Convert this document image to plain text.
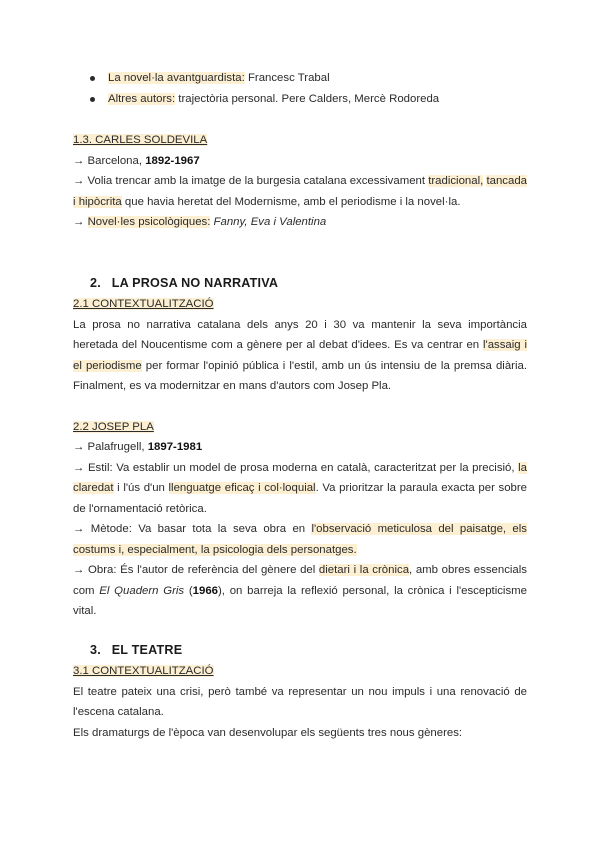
La novel·la avantguardista: Francesc Trabal
Altres autors: trajectòria personal. Pere Calders, Mercè Rodoreda

1.3. CARLES SOLDEVILA

→ Barcelona, 1892-1967

→ Volia trencar amb la imatge de la burgesia catalana excessivament tradicional, tancada i hipòcrita que havia heretat del Modernisme, amb el periodisme i la novel·la.

→ Novel·les psicològiques: Fanny, Eva i Valentina

2. LA PROSA NO NARRATIVA

2.1 CONTEXTUALITZACIÓ

La prosa no narrativa catalana dels anys 20 i 30 va mantenir la seva importància heretada del Noucentisme com a gènere per al debat d'idees. Es va centrar en l'assaig i el periodisme per formar l'opinió pública i l'estil, amb un ús intensiu de la premsa diària. Finalment, es va modernitzar en mans d'autors com Josep Pla.

2.2 JOSEP PLA

→ Palafrugell, 1897-1981

→ Estil: Va establir un model de prosa moderna en català, caracteritzat per la precisió, la claredat i l'ús d'un llenguatge eficaç i col·loquial. Va prioritzar la paraula exacta per sobre de l'ornamentació retòrica.

→ Mètode: Va basar tota la seva obra en l'observació meticulosa del paisatge, els costums i, especialment, la psicologia dels personatges.

→ Obra: És l'autor de referència del gènere del dietari i la crònica, amb obres essencials com El Quadern Gris (1966), on barreja la reflexió personal, la crònica i l'escepticisme vital.

3. EL TEATRE

3.1 CONTEXTUALITZACIÓ

El teatre pateix una crisi, però també va representar un nou impuls i una renovació de l'escena catalana.

Els dramaturgs de l'època van desenvolupar els següents tres nous gèneres:
